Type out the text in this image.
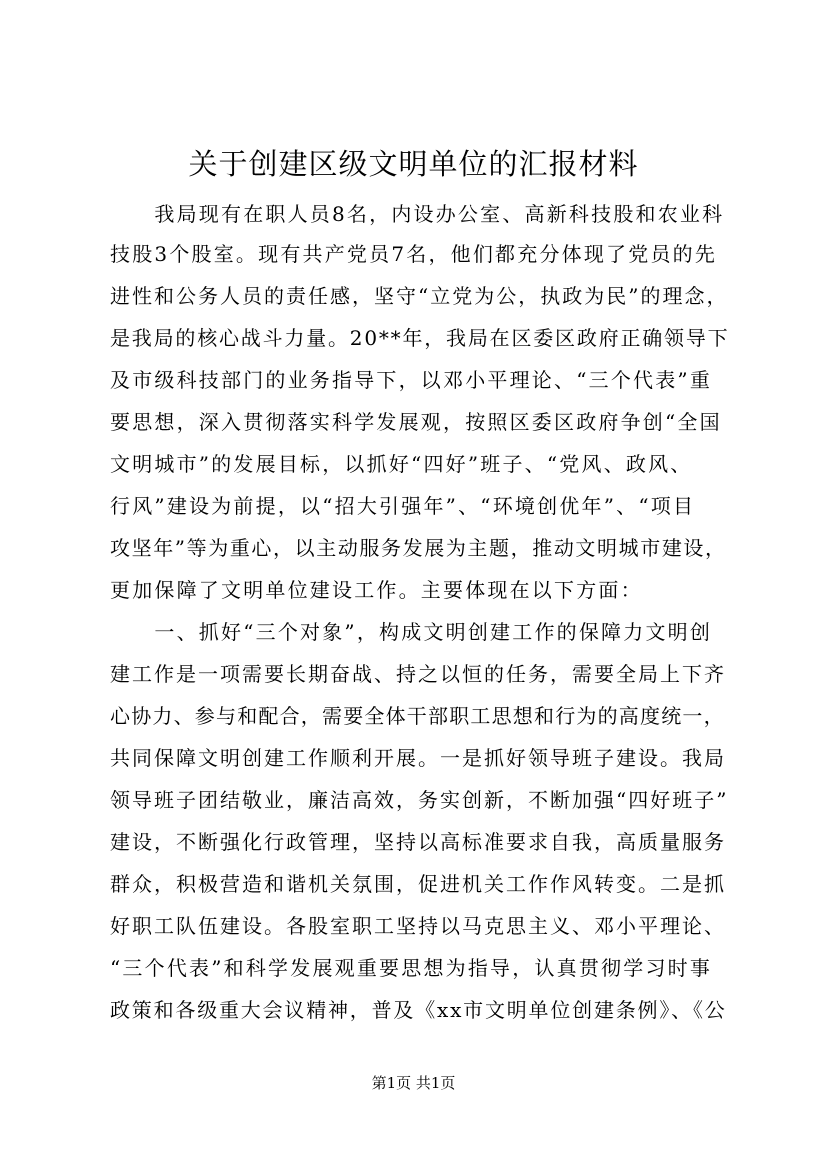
关于创建区级文明单位的汇报材料

　　我局现有在职人员8名，内设办公室、高新科技股和农业科

技股3个股室。现有共产党员7名，他们都充分体现了党员的先

进性和公务人员的责任感，坚守“立党为公，执政为民”的理念，

是我局的核心战斗力量。20**年，我局在区委区政府正确领导下

及市级科技部门的业务指导下，以邓小平理论、“三个代表”重

要思想，深入贯彻落实科学发展观，按照区委区政府争创“全国

文明城市”的发展目标，以抓好“四好”班子、“党风、政风、

行风”建设为前提，以“招大引强年”、“环境创优年”、“项目

攻坚年”等为重心，以主动服务发展为主题，推动文明城市建设，

更加保障了文明单位建设工作。主要体现在以下方面：

　　一、抓好“三个对象”，构成文明创建工作的保障力文明创

建工作是一项需要长期奋战、持之以恒的任务，需要全局上下齐

心协力、参与和配合，需要全体干部职工思想和行为的高度统一，

共同保障文明创建工作顺利开展。一是抓好领导班子建设。我局

领导班子团结敬业，廉洁高效，务实创新，不断加强“四好班子”

建设，不断强化行政管理，坚持以高标准要求自我，高质量服务

群众，积极营造和谐机关氛围，促进机关工作作风转变。二是抓

好职工队伍建设。各股室职工坚持以马克思主义、邓小平理论、

“三个代表”和科学发展观重要思想为指导，认真贯彻学习时事

政策和各级重大会议精神，普及《xx市文明单位创建条例》、《公

第1页 共1页
